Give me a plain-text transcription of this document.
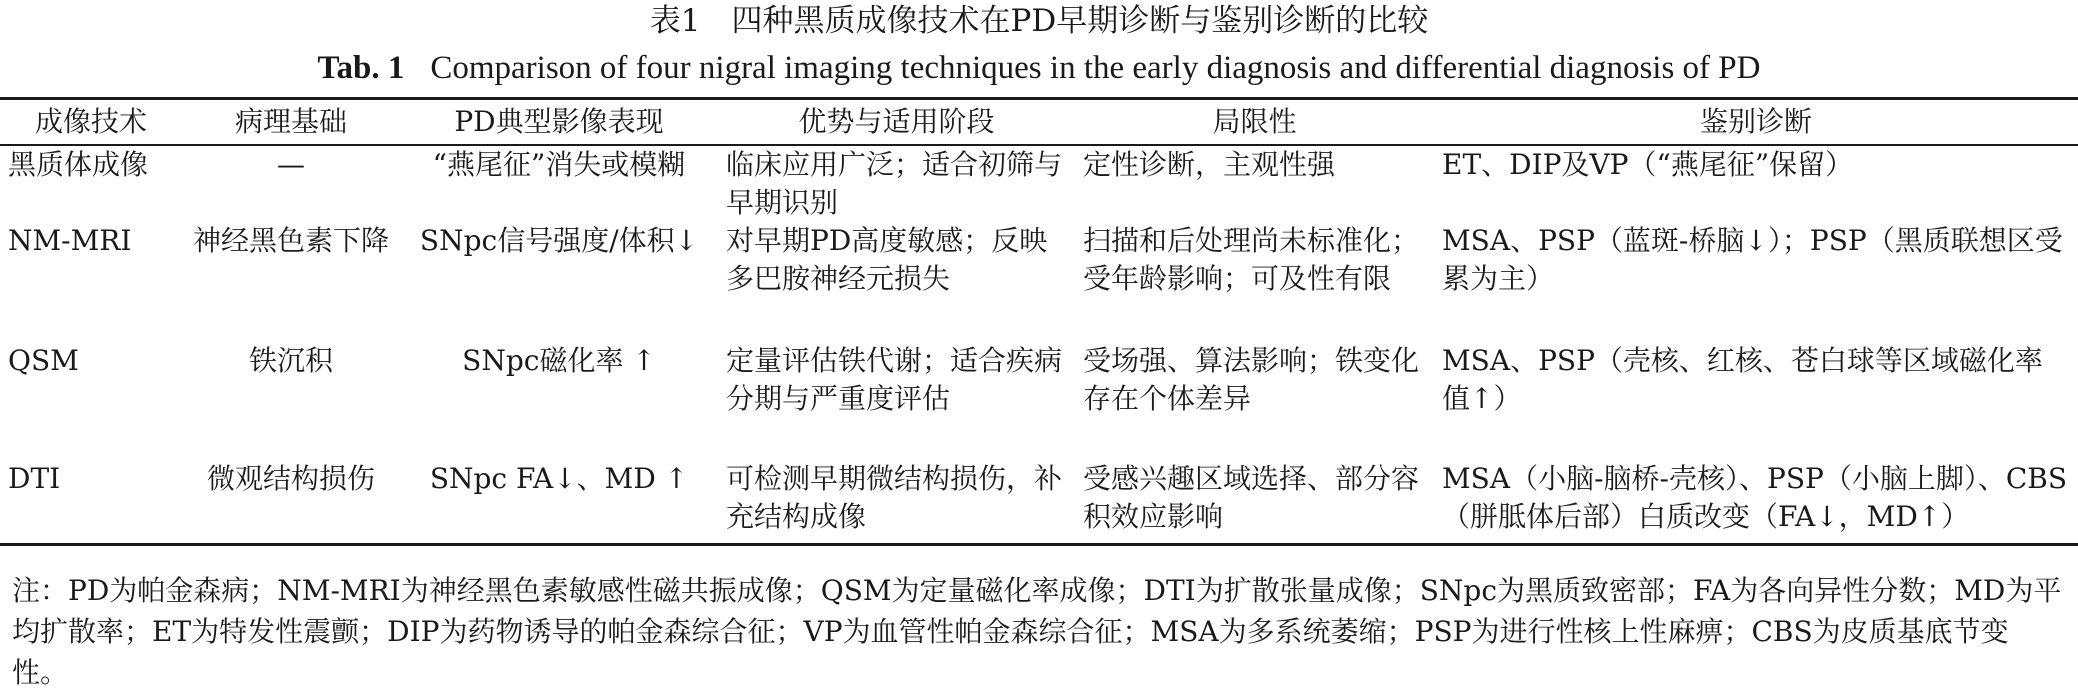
表1　四种黑质成像技术在PD早期诊断与鉴别诊断的比较
Tab. 1 Comparison of four nigral imaging techniques in the early diagnosis and differential diagnosis of PD
成像技术	病理基础	PD典型影像表现	优势与适用阶段	局限性	鉴别诊断
黑质体成像	—	“燕尾征”消失或模糊	临床应用广泛；适合初筛与早期识别	定性诊断，主观性强	ET、DIP及VP（“燕尾征”保留）
NM-MRI	神经黑色素下降	SNpc信号强度/体积↓	对早期PD高度敏感；反映多巴胺神经元损失	扫描和后处理尚未标准化；受年龄影响；可及性有限	MSA、PSP（蓝斑-桥脑↓）；PSP（黑质联想区受累为主）
QSM	铁沉积	SNpc磁化率 ↑	定量评估铁代谢；适合疾病分期与严重度评估	受场强、算法影响；铁变化存在个体差异	MSA、PSP（壳核、红核、苍白球等区域磁化率值↑）
DTI	微观结构损伤	SNpc FA↓、MD ↑	可检测早期微结构损伤，补充结构成像	受感兴趣区域选择、部分容积效应影响	MSA（小脑-脑桥-壳核）、PSP（小脑上脚）、CBS（胼胝体后部）白质改变（FA↓，MD↑）
注：PD为帕金森病；NM-MRI为神经黑色素敏感性磁共振成像；QSM为定量磁化率成像；DTI为扩散张量成像；SNpc为黑质致密部；FA为各向异性分数；MD为平均扩散率；ET为特发性震颤；DIP为药物诱导的帕金森综合征；VP为血管性帕金森综合征；MSA为多系统萎缩；PSP为进行性核上性麻痹；CBS为皮质基底节变性。
